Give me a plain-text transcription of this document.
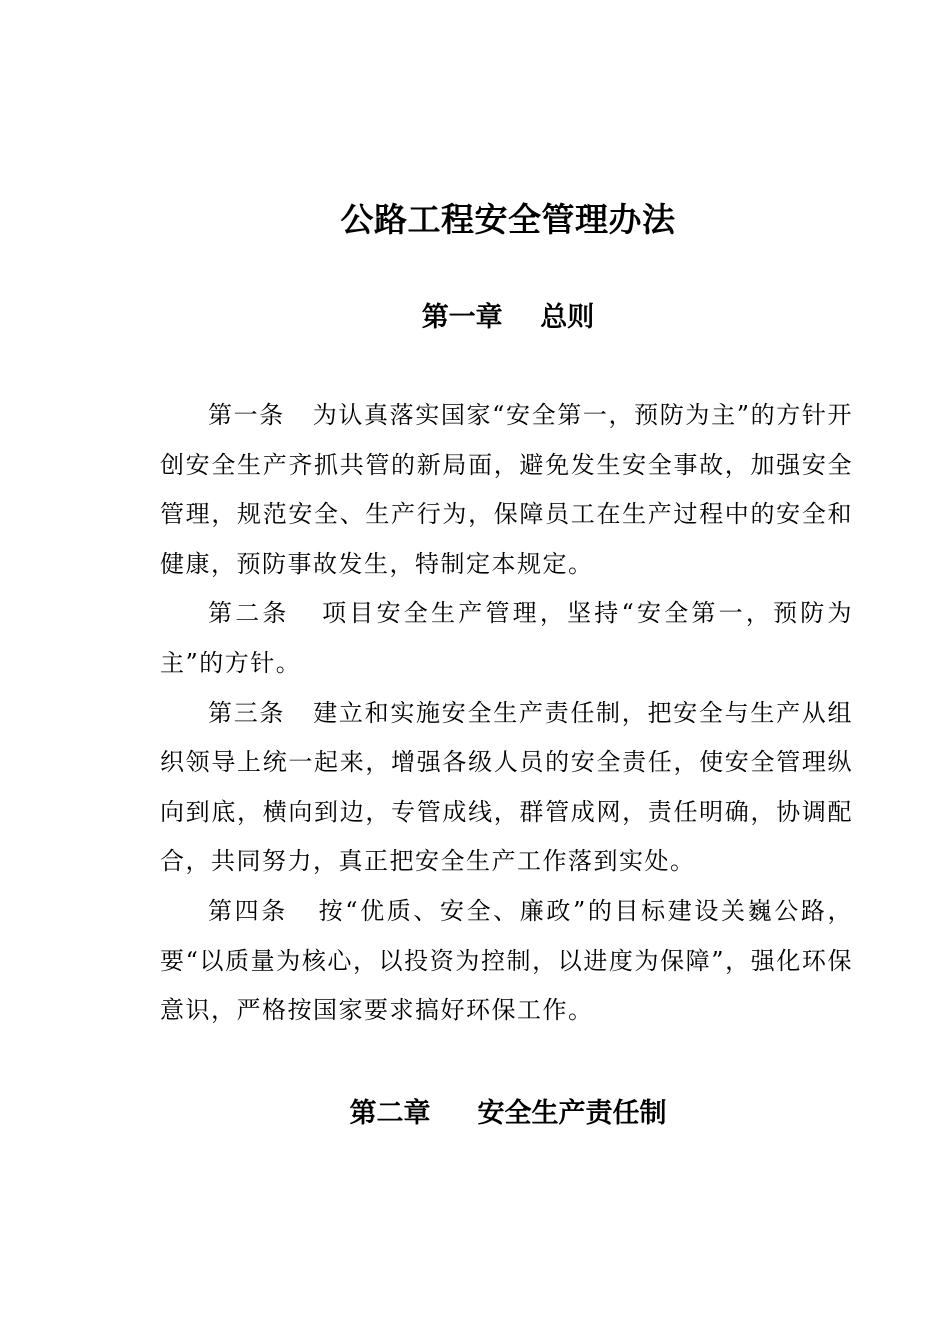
公路工程安全管理办法
第一章    总则

第一条   为认真落实国家“安全第一，预防为主”的方针开创安全生产齐抓共管的新局面，避免发生安全事故，加强安全管理，规范安全、生产行为，保障员工在生产过程中的安全和健康，预防事故发生，特制定本规定。

第二条   项目安全生产管理，坚持“安全第一，预防为主”的方针。

第三条   建立和实施安全生产责任制，把安全与生产从组织领导上统一起来，增强各级人员的安全责任，使安全管理纵向到底，横向到边，专管成线，群管成网，责任明确，协调配合，共同努力，真正把安全生产工作落到实处。

第四条   按“优质、安全、廉政”的目标建设关巍公路，要“以质量为核心，以投资为控制，以进度为保障”，强化环保意识，严格按国家要求搞好环保工作。

第二章     安全生产责任制
